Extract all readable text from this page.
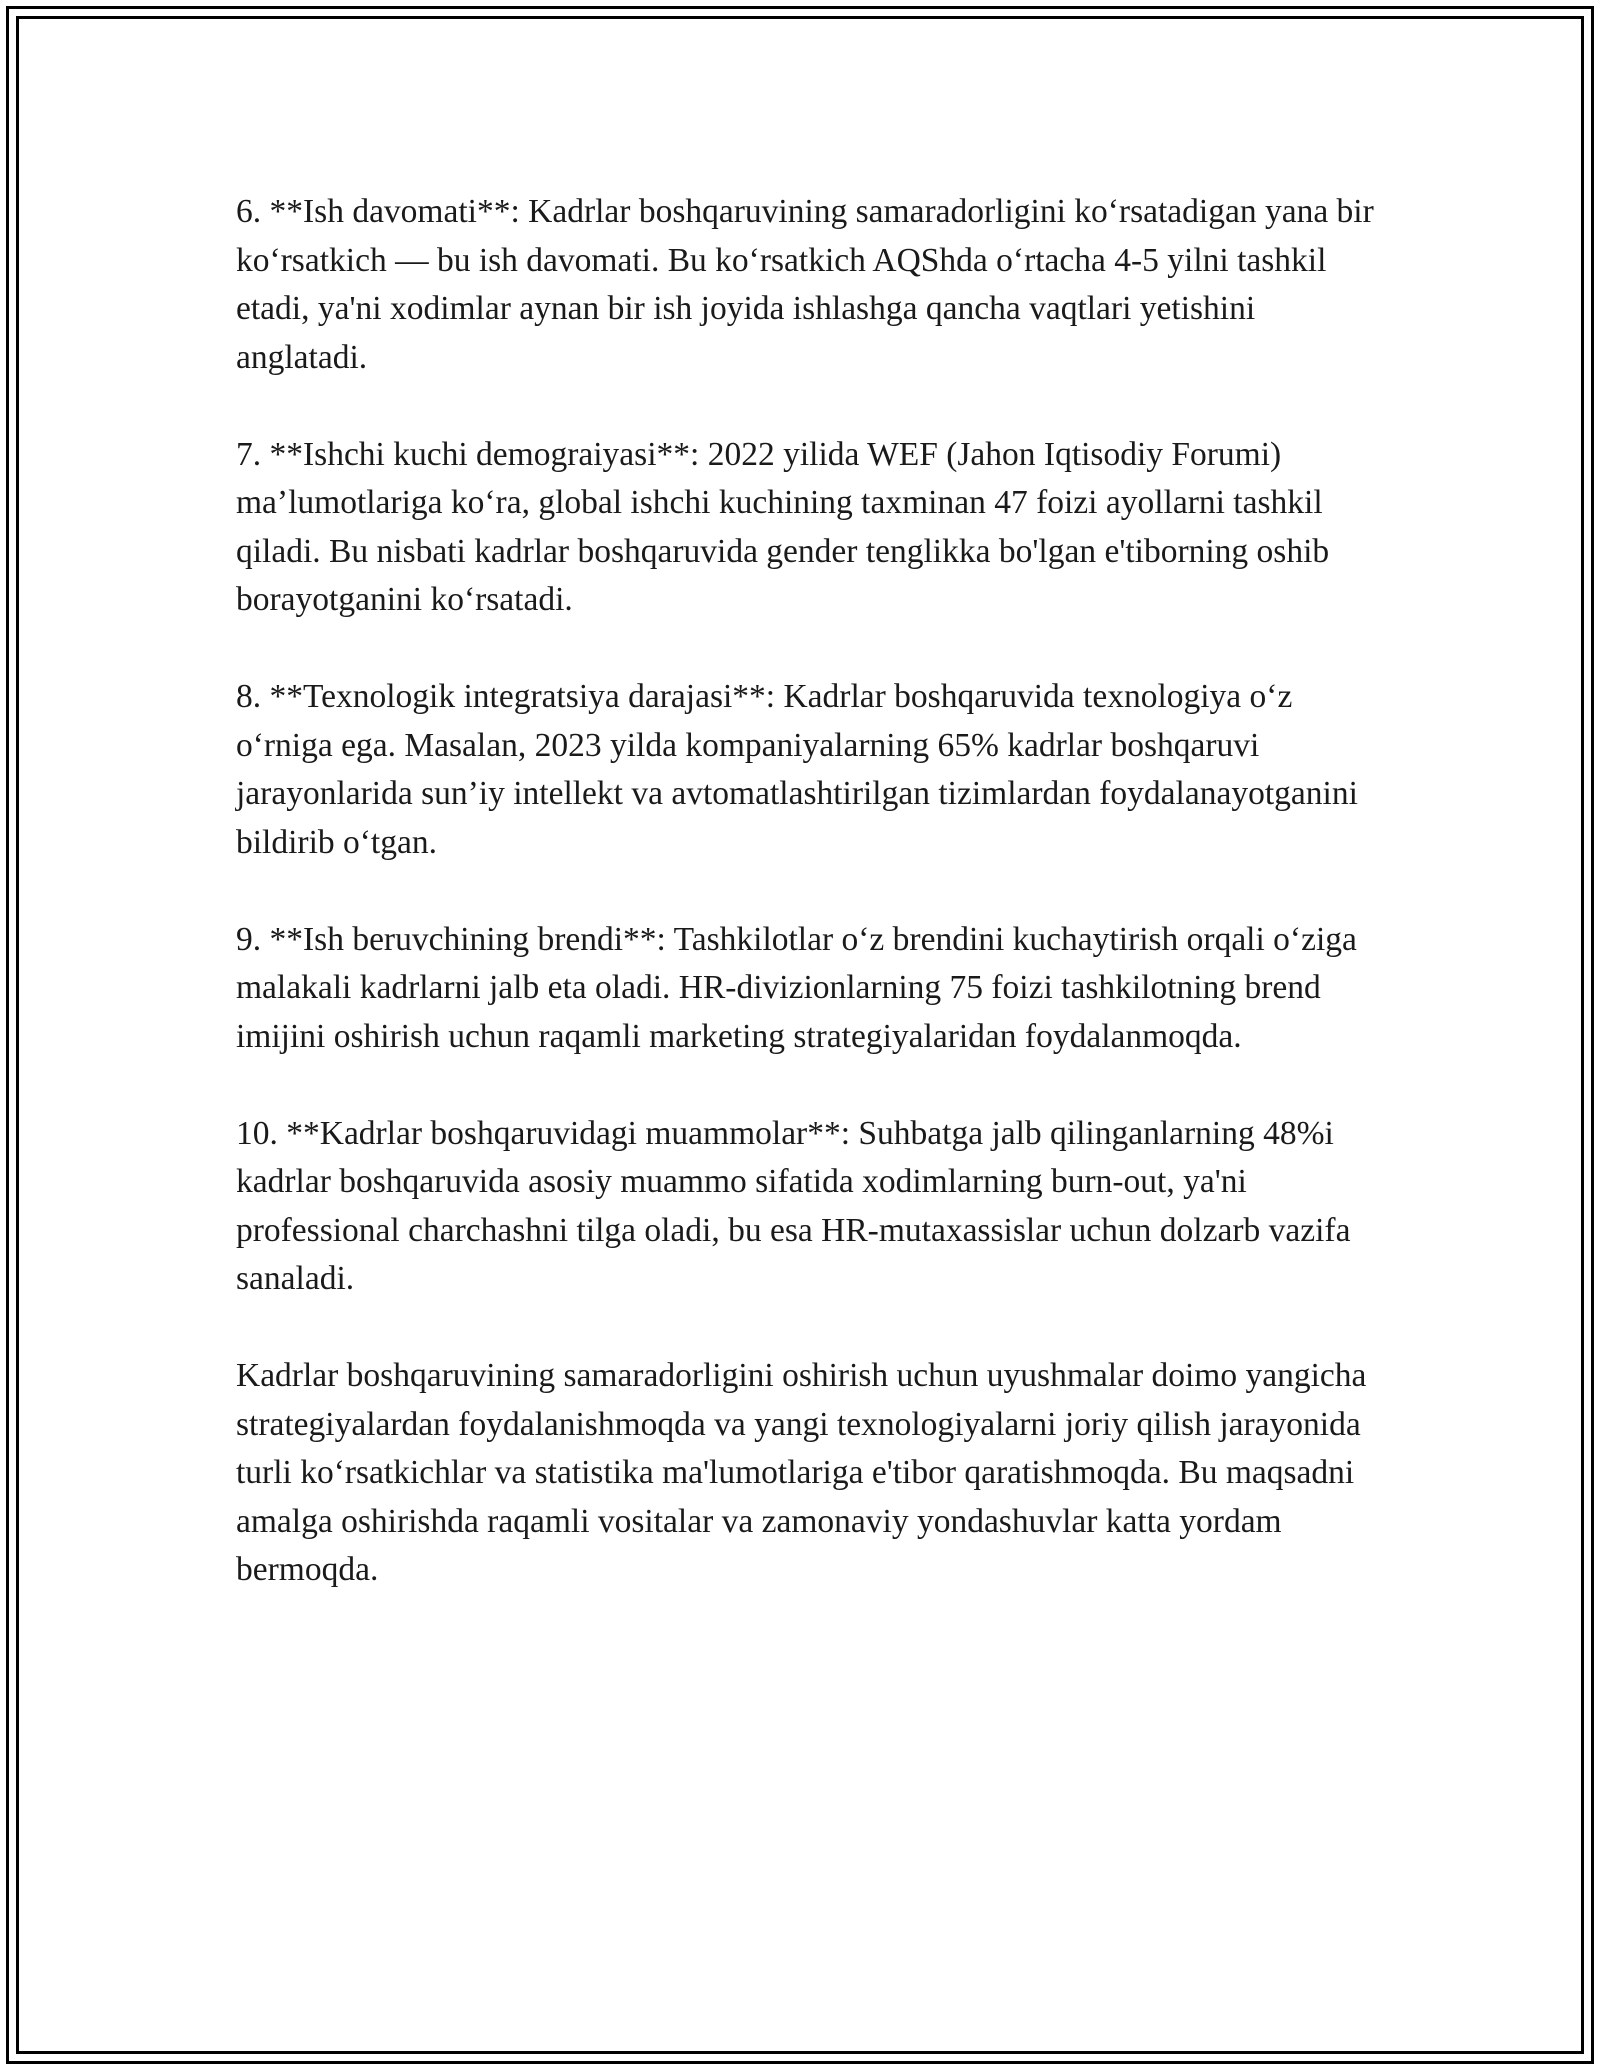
6. **Ish davomati**: Kadrlar boshqaruvining samaradorligini ko‘rsatadigan yana bir ko‘rsatkich — bu ish davomati. Bu ko‘rsatkich AQShda o‘rtacha 4-5 yilni tashkil etadi, ya'ni xodimlar aynan bir ish joyida ishlashga qancha vaqtlari yetishini anglatadi.

7. **Ishchi kuchi demograiyasi**: 2022 yilida WEF (Jahon Iqtisodiy Forumi) ma’lumotlariga ko‘ra, global ishchi kuchining taxminan 47 foizi ayollarni tashkil qiladi. Bu nisbati kadrlar boshqaruvida gender tenglikka bo'lgan e'tiborning oshib borayotganini ko‘rsatadi.

8. **Texnologik integratsiya darajasi**: Kadrlar boshqaruvida texnologiya o‘z o‘rniga ega. Masalan, 2023 yilda kompaniyalarning 65% kadrlar boshqaruvi jarayonlarida sun’iy intellekt va avtomatlashtirilgan tizimlardan foydalanayotganini bildirib o‘tgan.

9. **Ish beruvchining brendi**: Tashkilotlar o‘z brendini kuchaytirish orqali o‘ziga malakali kadrlarni jalb eta oladi. HR-divizionlarning 75 foizi tashkilotning brend imijini oshirish uchun raqamli marketing strategiyalaridan foydalanmoqda.

10. **Kadrlar boshqaruvidagi muammolar**: Suhbatga jalb qilinganlarning 48%i kadrlar boshqaruvida asosiy muammo sifatida xodimlarning burn-out, ya'ni professional charchashni tilga oladi, bu esa HR-mutaxassislar uchun dolzarb vazifa sanaladi.

Kadrlar boshqaruvining samaradorligini oshirish uchun uyushmalar doimo yangicha strategiyalardan foydalanishmoqda va yangi texnologiyalarni joriy qilish jarayonida turli ko‘rsatkichlar va statistika ma'lumotlariga e'tibor qaratishmoqda. Bu maqsadni amalga oshirishda raqamli vositalar va zamonaviy yondashuvlar katta yordam bermoqda.
